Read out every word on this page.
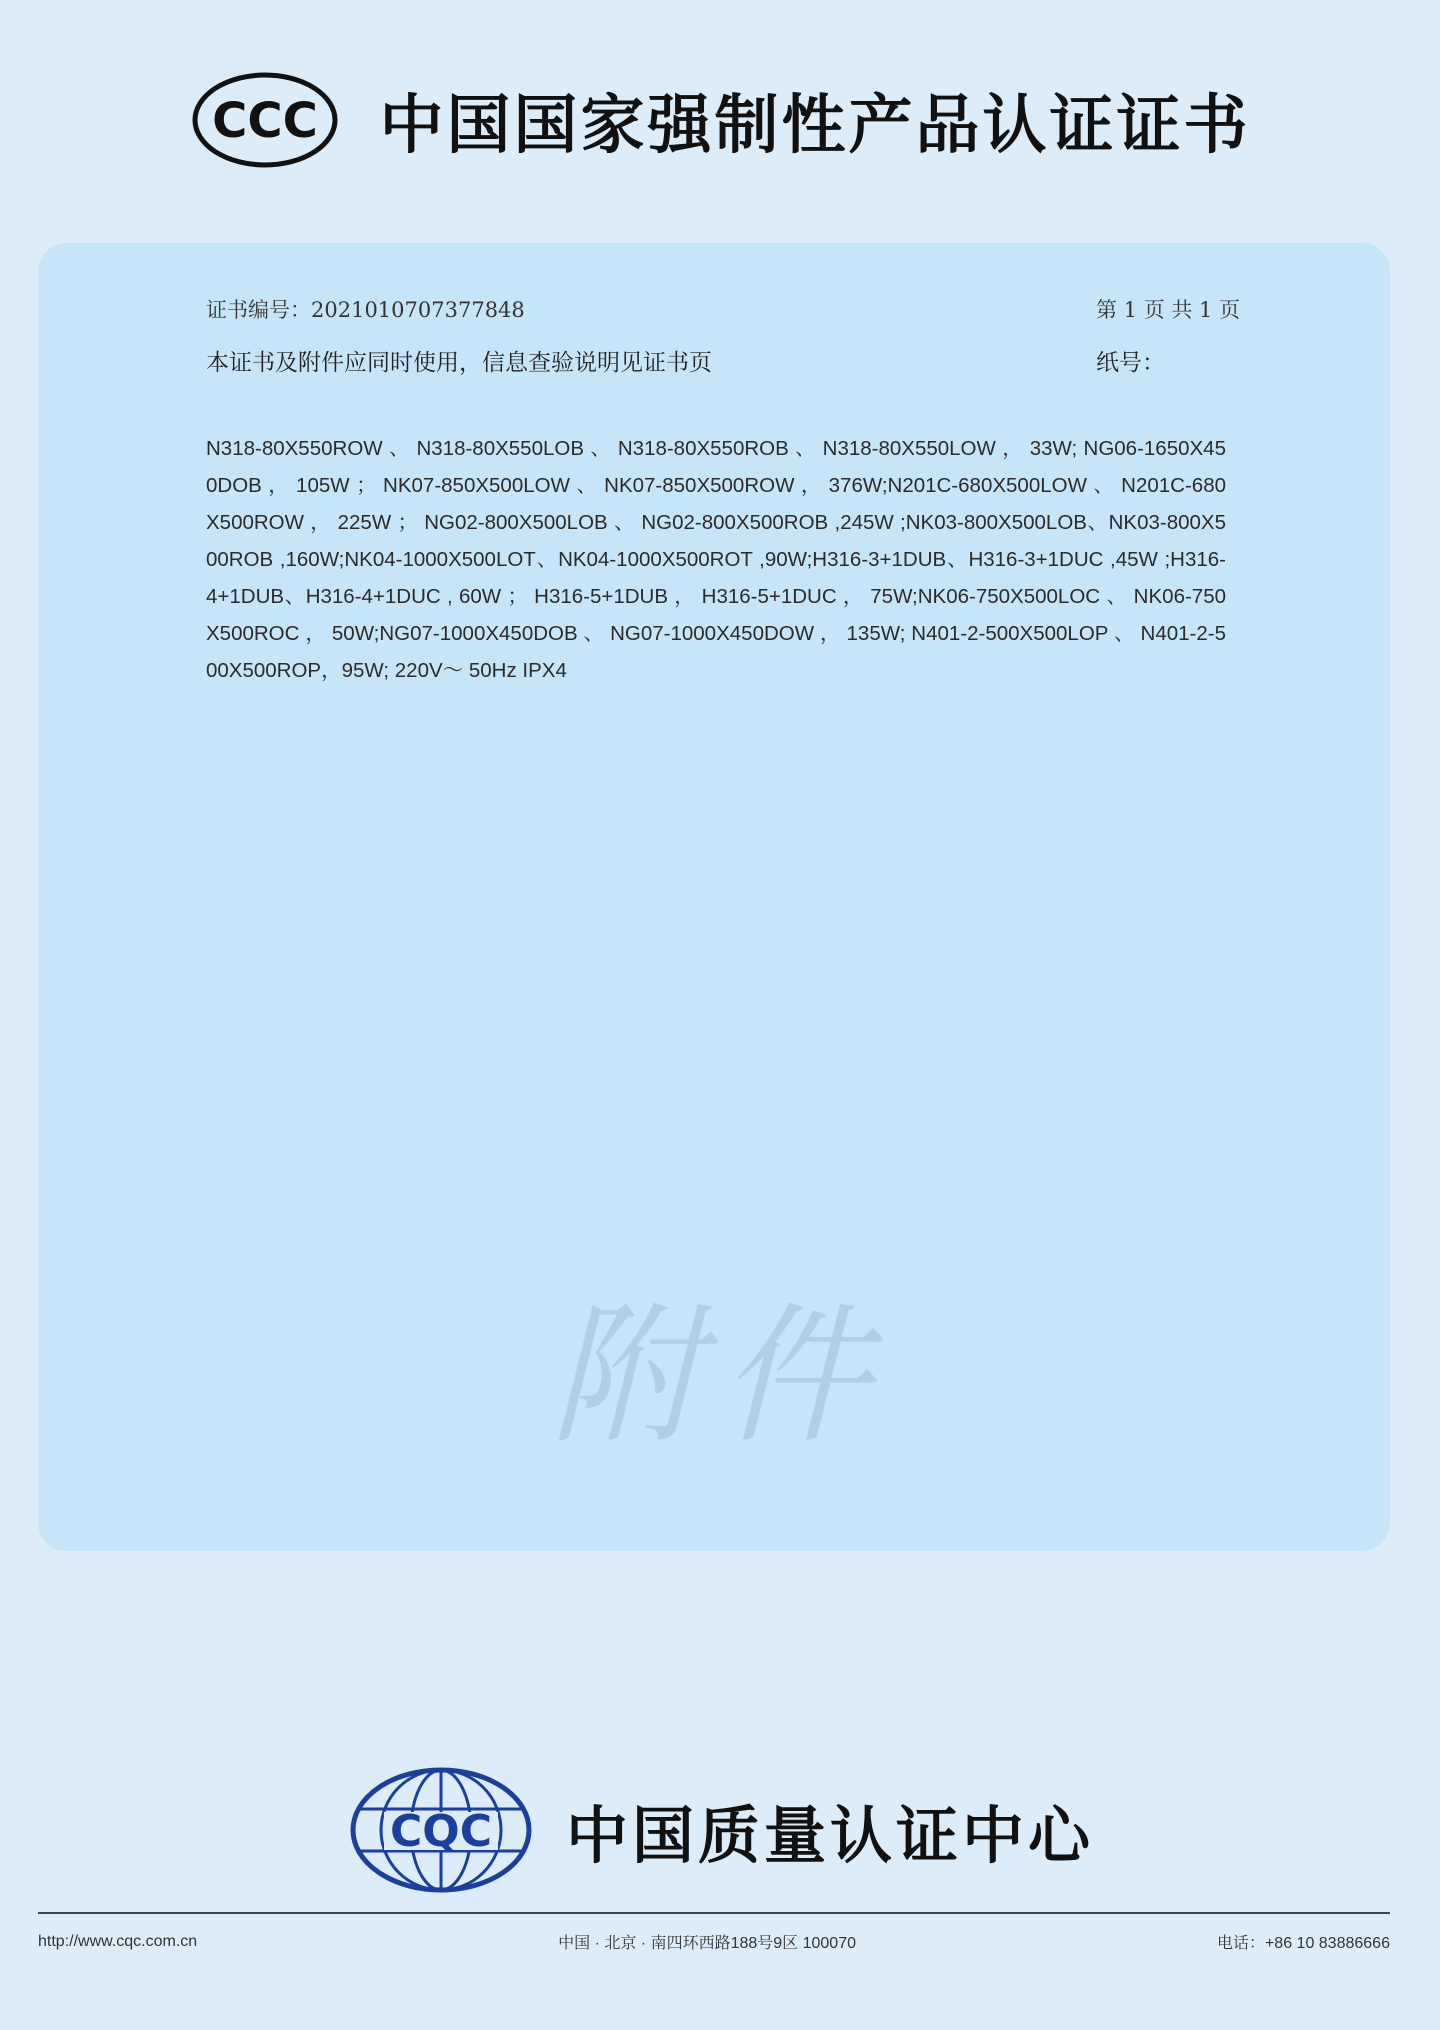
CCC 中国国家强制性产品认证证书
证书编号：2021010707377848	第 1 页 共 1 页
本证书及附件应同时使用，信息查验说明见证书页	纸号：
N318-80X550ROW 、 N318-80X550LOB 、 N318-80X550ROB 、 N318-80X550LOW ， 33W; NG06-1650X450DOB ， 105W ； NK07-850X500LOW 、 NK07-850X500ROW ， 376W;N201C-680X500LOW 、 N201C-680X500ROW ， 225W ； NG02-800X500LOB 、 NG02-800X500ROB ,245W ;NK03-800X500LOB、NK03-800X500ROB ,160W;NK04-1000X500LOT、NK04-1000X500ROT ,90W;H316-3+1DUB、H316-3+1DUC ,45W ;H316-4+1DUB、H316-4+1DUC , 60W ； H316-5+1DUB ， H316-5+1DUC ， 75W;NK06-750X500LOC 、 NK06-750X500ROC ， 50W;NG07-1000X450DOB 、 NG07-1000X450DOW ， 135W; N401-2-500X500LOP 、 N401-2-500X500ROP，95W; 220V～ 50Hz IPX4
附件
CQC 中国质量认证中心
http://www.cqc.com.cn	中国 · 北京 · 南四环西路188号9区 100070	电话：+86 10 83886666
